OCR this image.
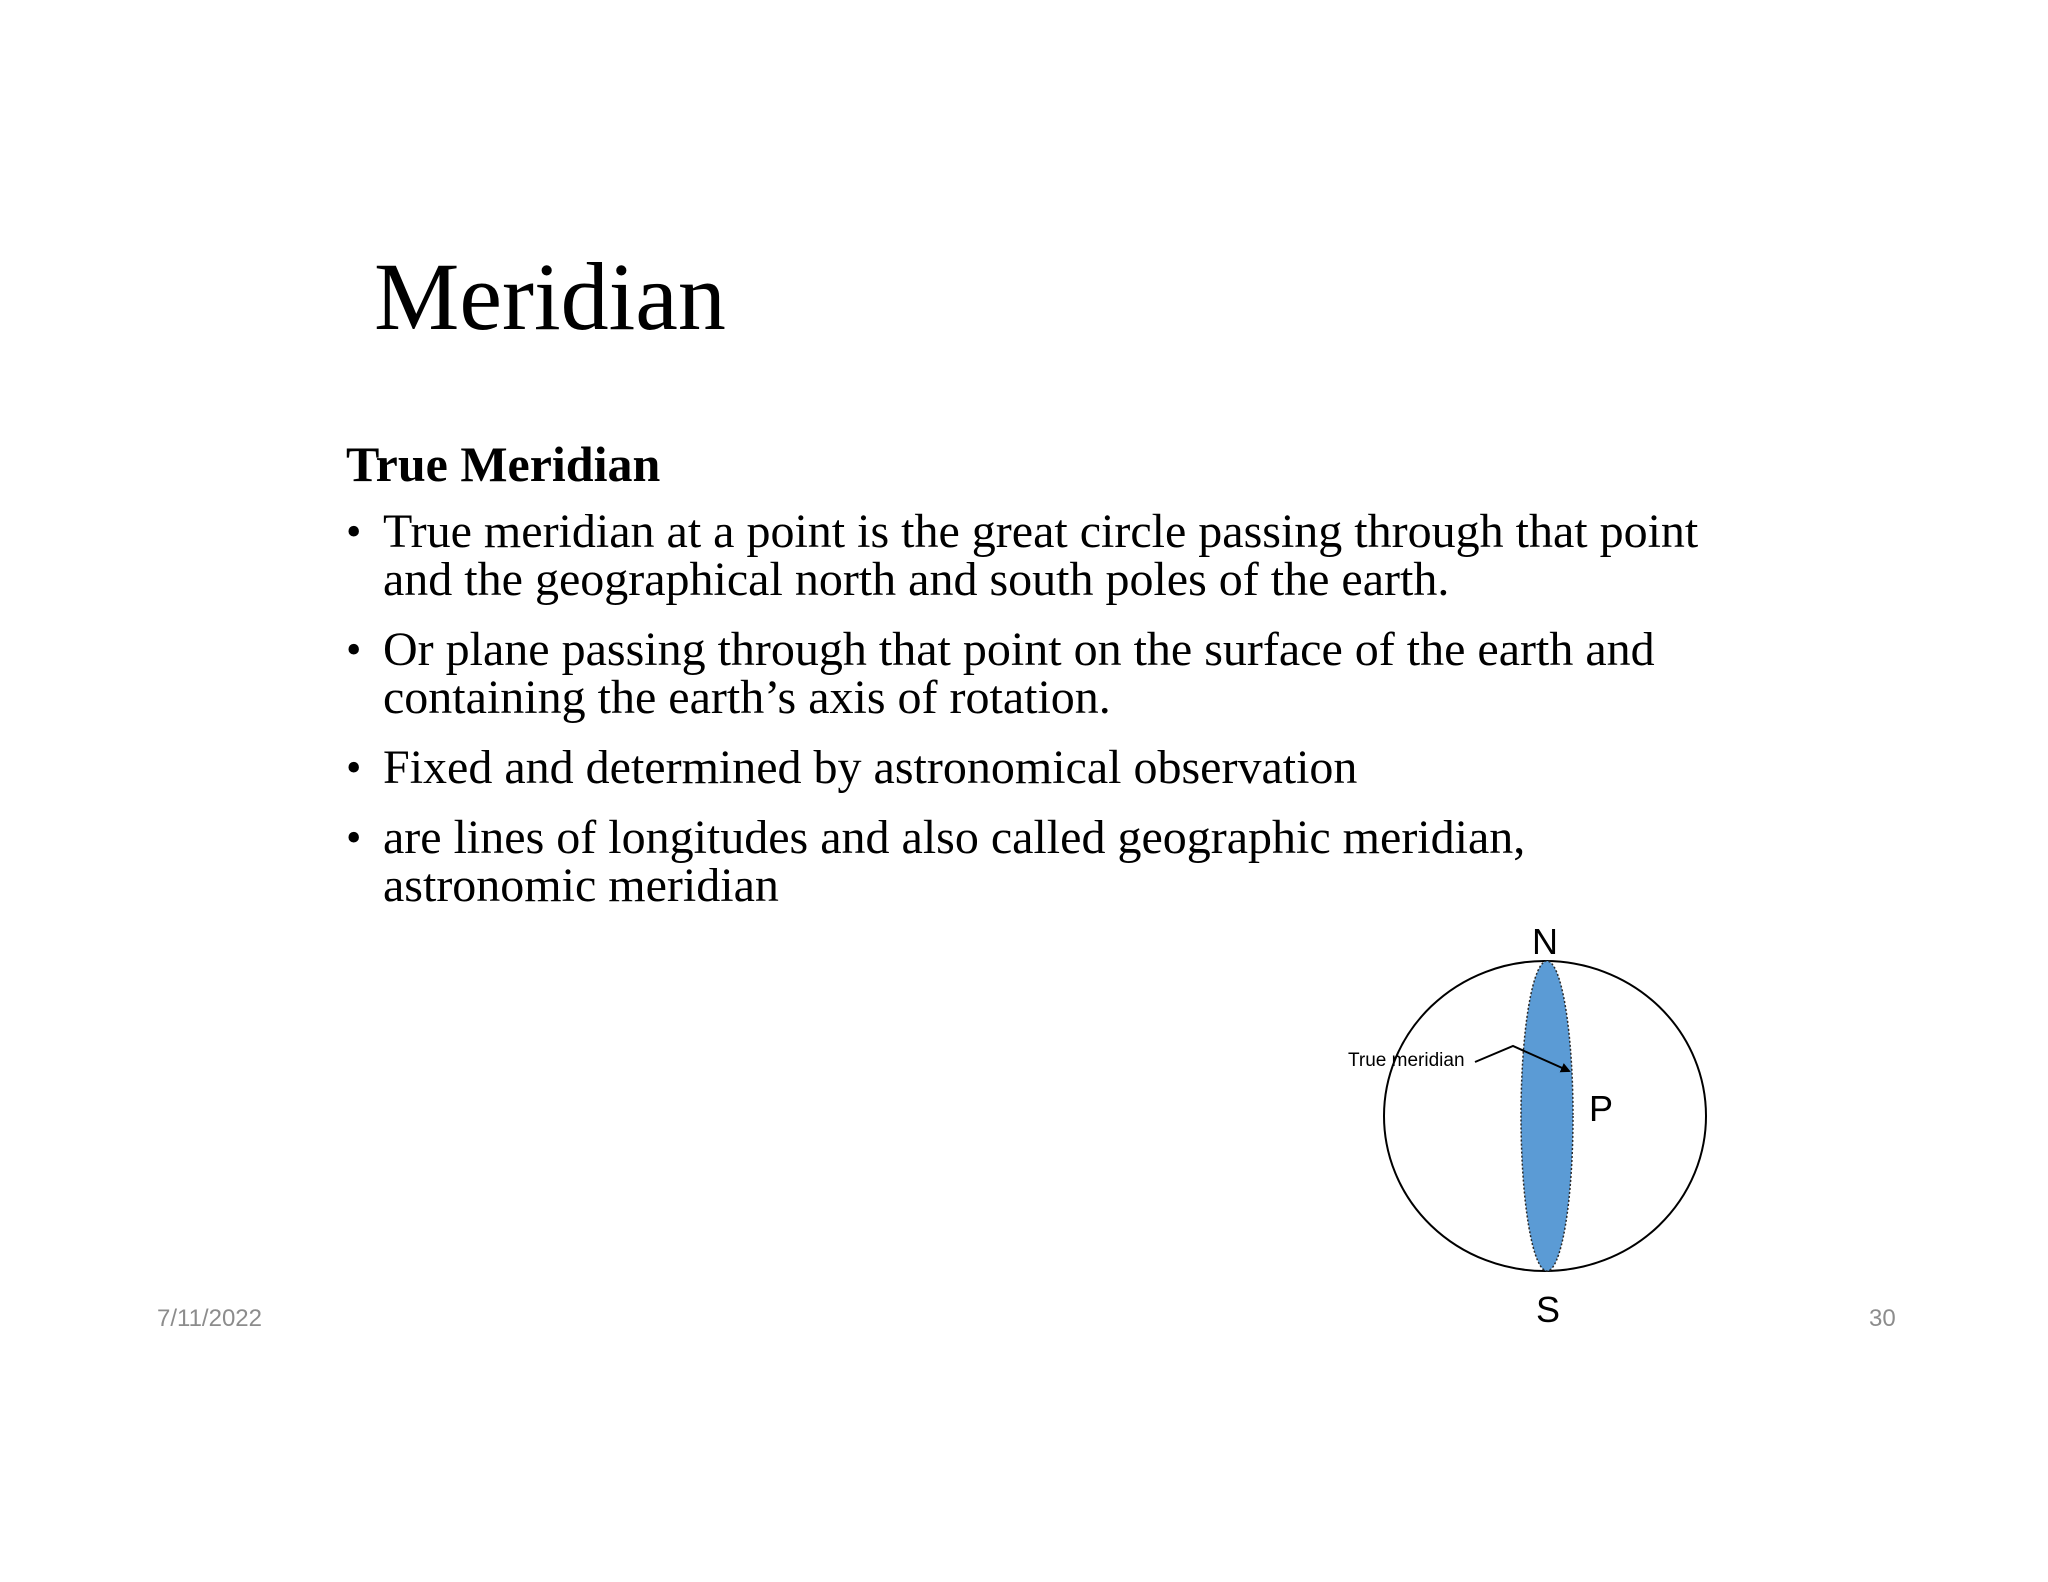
Meridian
True Meridian
• True meridian at a point is the great circle passing through that point and the geographical north and south poles of the earth.
• Or plane passing through that point on the surface of the earth and containing the earth’s axis of rotation.
• Fixed and determined by astronomical observation
• are lines of longitudes and also called geographic meridian, astronomic meridian
True meridian
N
S
P
7/11/2022	30
